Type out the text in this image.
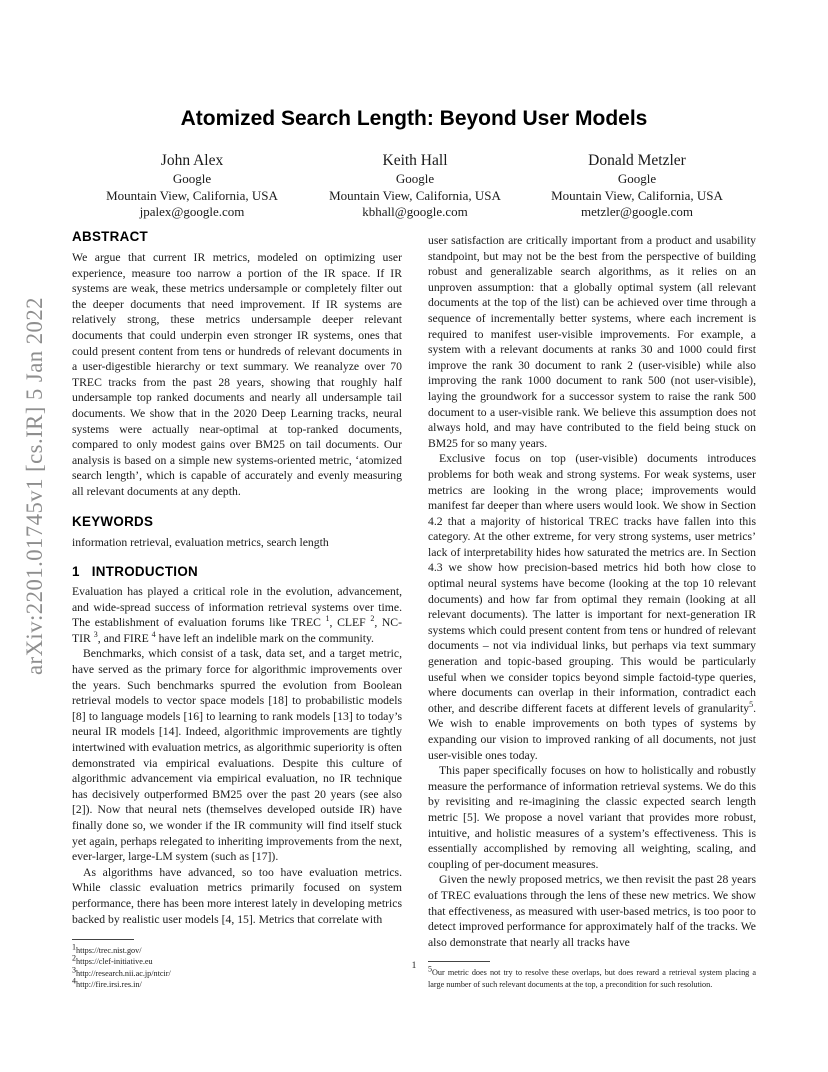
arXiv:2201.01745v1 [cs.IR] 5 Jan 2022
Atomized Search Length: Beyond User Models
John Alex
Google
Mountain View, California, USA
jpalex@google.com
Keith Hall
Google
Mountain View, California, USA
kbhall@google.com
Donald Metzler
Google
Mountain View, California, USA
metzler@google.com
ABSTRACT

We argue that current IR metrics, modeled on optimizing user experience, measure too narrow a portion of the IR space. If IR systems are weak, these metrics undersample or completely filter out the deeper documents that need improvement. If IR systems are relatively strong, these metrics undersample deeper relevant documents that could underpin even stronger IR systems, ones that could present content from tens or hundreds of relevant documents in a user-digestible hierarchy or text summary. We reanalyze over 70 TREC tracks from the past 28 years, showing that roughly half undersample top ranked documents and nearly all undersample tail documents. We show that in the 2020 Deep Learning tracks, neural systems were actually near-optimal at top-ranked documents, compared to only modest gains over BM25 on tail documents. Our analysis is based on a simple new systems-oriented metric, ‘atomized search length’, which is capable of accurately and evenly measuring all relevant documents at any depth.

KEYWORDS

information retrieval, evaluation metrics, search length

1 INTRODUCTION

Evaluation has played a critical role in the evolution, advancement, and wide-spread success of information retrieval systems over time. The establishment of evaluation forums like TREC $^1$, CLEF $^2$, NC-TIR $^3$, and FIRE $^4$ have left an indelible mark on the community.

Benchmarks, which consist of a task, data set, and a target metric, have served as the primary force for algorithmic improvements over the years. Such benchmarks spurred the evolution from Boolean retrieval models to vector space models [18] to probabilistic models [8] to language models [16] to learning to rank models [13] to today’s neural IR models [14]. Indeed, algorithmic improvements are tightly intertwined with evaluation metrics, as algorithmic superiority is often demonstrated via empirical evaluations. Despite this culture of algorithmic advancement via empirical evaluation, no IR technique has decisively outperformed BM25 over the past 20 years (see also [2]). Now that neural nets (themselves developed outside IR) have finally done so, we wonder if the IR community will find itself stuck yet again, perhaps relegated to inheriting improvements from the next, ever-larger, large-LM system (such as [17]).

As algorithms have advanced, so too have evaluation metrics. While classic evaluation metrics primarily focused on system performance, there has been more interest lately in developing metrics backed by realistic user models [4, 15]. Metrics that correlate with

$^1$https://trec.nist.gov/
$^2$https://clef-initiative.eu
$^3$http://research.nii.ac.jp/ntcir/
$^4$http://fire.irsi.res.in/

user satisfaction are critically important from a product and usability standpoint, but may not be the best from the perspective of building robust and generalizable search algorithms, as it relies on an unproven assumption: that a globally optimal system (all relevant documents at the top of the list) can be achieved over time through a sequence of incrementally better systems, where each increment is required to manifest user-visible improvements. For example, a system with a relevant documents at ranks 30 and 1000 could first improve the rank 30 document to rank 2 (user-visible) while also improving the rank 1000 document to rank 500 (not user-visible), laying the groundwork for a successor system to raise the rank 500 document to a user-visible rank. We believe this assumption does not always hold, and may have contributed to the field being stuck on BM25 for so many years.

Exclusive focus on top (user-visible) documents introduces problems for both weak and strong systems. For weak systems, user metrics are looking in the wrong place; improvements would manifest far deeper than where users would look. We show in Section 4.2 that a majority of historical TREC tracks have fallen into this category. At the other extreme, for very strong systems, user metrics’ lack of interpretability hides how saturated the metrics are. In Section 4.3 we show how precision-based metrics hid both how close to optimal neural systems have become (looking at the top 10 relevant documents) and how far from optimal they remain (looking at all relevant documents). The latter is important for next-generation IR systems which could present content from tens or hundred of relevant documents – not via individual links, but perhaps via text summary generation and topic-based grouping. This would be particularly useful when we consider topics beyond simple factoid-type queries, where documents can overlap in their information, contradict each other, and describe different facets at different levels of granularity$^5$. We wish to enable improvements on both types of systems by expanding our vision to improved ranking of all documents, not just user-visible ones today.

This paper specifically focuses on how to holistically and robustly measure the performance of information retrieval systems. We do this by revisiting and re-imagining the classic expected search length metric [5]. We propose a novel variant that provides more robust, intuitive, and holistic measures of a system’s effectiveness. This is essentially accomplished by removing all weighting, scaling, and coupling of per-document measures.

Given the newly proposed metrics, we then revisit the past 28 years of TREC evaluations through the lens of these new metrics. We show that effectiveness, as measured with user-based metrics, is too poor to detect improved performance for approximately half of the tracks. We also demonstrate that nearly all tracks have

$^5$Our metric does not try to resolve these overlaps, but does reward a retrieval system placing a large number of such relevant documents at the top, a precondition for such resolution.
1
